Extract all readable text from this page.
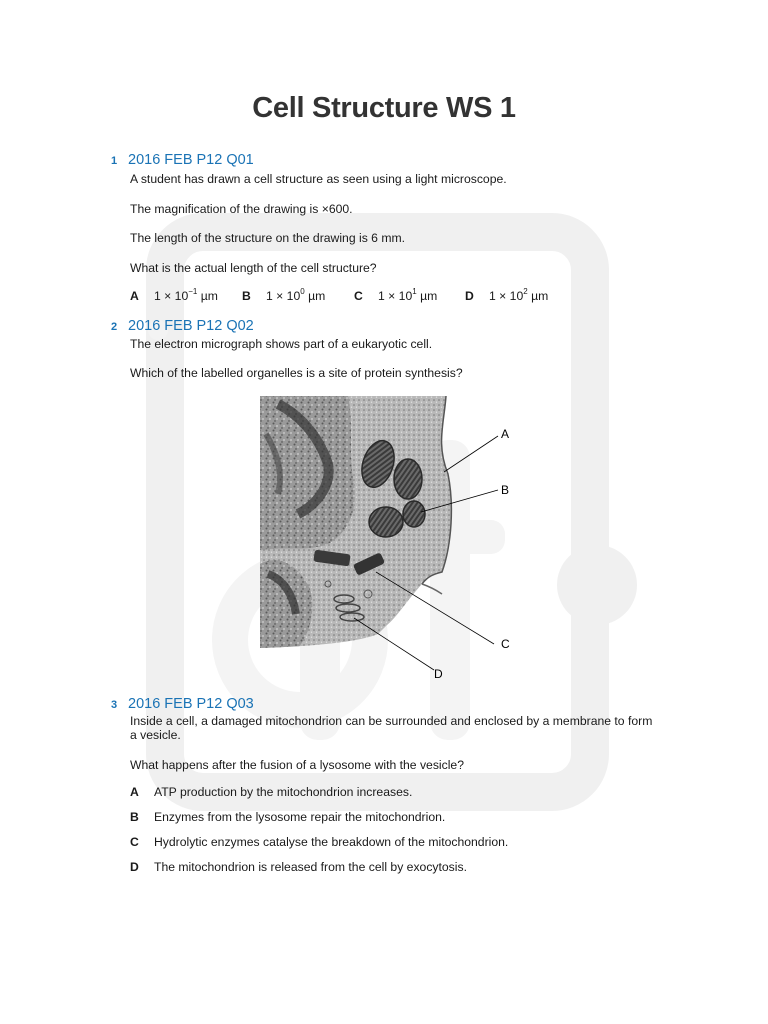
Cell Structure WS 1
1 2016 FEB P12 Q01
A student has drawn a cell structure as seen using a light microscope.
The magnification of the drawing is ×600.
The length of the structure on the drawing is 6 mm.
What is the actual length of the cell structure?
A $1 \times 10^{-1}$ µm B $1 \times 10^0$ µm C $1 \times 10^1$ µm D $1 \times 10^2$ µm
2 2016 FEB P12 Q02
The electron micrograph shows part of a eukaryotic cell.
Which of the labelled organelles is a site of protein synthesis?
A
B
C
D
3 2016 FEB P12 Q03
Inside a cell, a damaged mitochondrion can be surrounded and enclosed by a membrane to form
a vesicle.
What happens after the fusion of a lysosome with the vesicle?
A ATP production by the mitochondrion increases.
B Enzymes from the lysosome repair the mitochondrion.
C Hydrolytic enzymes catalyse the breakdown of the mitochondrion.
D The mitochondrion is released from the cell by exocytosis.
